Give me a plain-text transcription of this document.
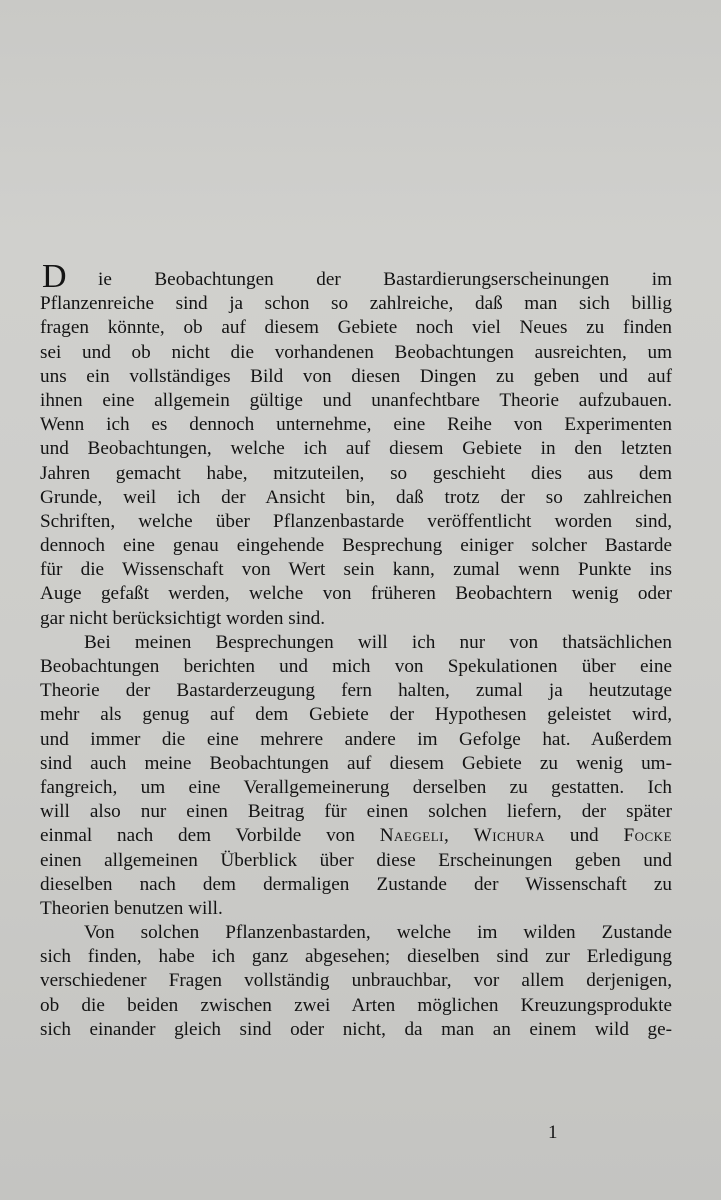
D ie Beobachtungen der Bastardierungserscheinungen im
Pflanzenreiche sind ja schon so zahlreiche, daß man sich billig
fragen könnte, ob auf diesem Gebiete noch viel Neues zu finden
sei und ob nicht die vorhandenen Beobachtungen ausreichten, um
uns ein vollständiges Bild von diesen Dingen zu geben und auf
ihnen eine allgemein gültige und unanfechtbare Theorie aufzubauen.
Wenn ich es dennoch unternehme, eine Reihe von Experimenten
und Beobachtungen, welche ich auf diesem Gebiete in den letzten
Jahren gemacht habe, mitzuteilen, so geschieht dies aus dem
Grunde, weil ich der Ansicht bin, daß trotz der so zahlreichen
Schriften, welche über Pflanzenbastarde veröffentlicht worden sind,
dennoch eine genau eingehende Besprechung einiger solcher Bastarde
für die Wissenschaft von Wert sein kann, zumal wenn Punkte ins
Auge gefaßt werden, welche von früheren Beobachtern wenig oder
gar nicht berücksichtigt worden sind.
Bei meinen Besprechungen will ich nur von thatsächlichen
Beobachtungen berichten und mich von Spekulationen über eine
Theorie der Bastarderzeugung fern halten, zumal ja heutzutage
mehr als genug auf dem Gebiete der Hypothesen geleistet wird,
und immer die eine mehrere andere im Gefolge hat. Außerdem
sind auch meine Beobachtungen auf diesem Gebiete zu wenig um-
fangreich, um eine Verallgemeinerung derselben zu gestatten. Ich
will also nur einen Beitrag für einen solchen liefern, der später
einmal nach dem Vorbilde von Naegeli, Wichura und Focke
einen allgemeinen Überblick über diese Erscheinungen geben und
dieselben nach dem dermaligen Zustande der Wissenschaft zu
Theorien benutzen will.
Von solchen Pflanzenbastarden, welche im wilden Zustande
sich finden, habe ich ganz abgesehen; dieselben sind zur Erledigung
verschiedener Fragen vollständig unbrauchbar, vor allem derjenigen,
ob die beiden zwischen zwei Arten möglichen Kreuzungsprodukte
sich einander gleich sind oder nicht, da man an einem wild ge-
1
